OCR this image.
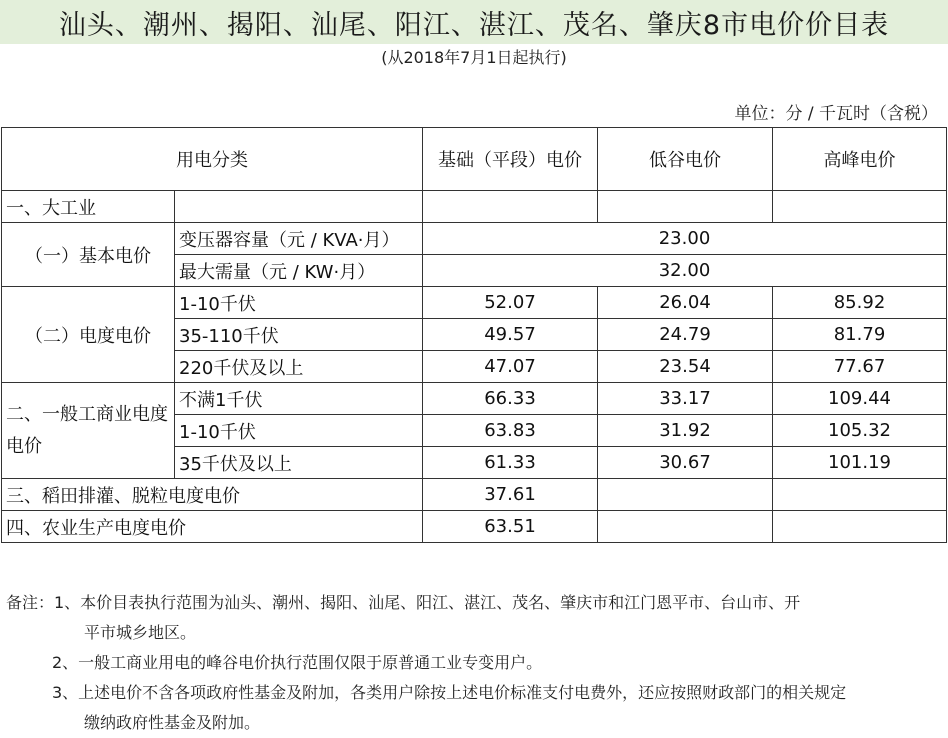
汕头、潮州、揭阳、汕尾、阳江、湛江、茂名、肇庆8市电价价目表
(从2018年7月1日起执行)
单位：分 / 千瓦时（含税）
用电分类		基础（平段）电价	低谷电价	高峰电价
一、大工业				
（一）基本电价	变压器容量（元 / KVA·月）	23.00		
	最大需量（元 / KW·月）	32.00		
（二）电度电价	1-10千伏	52.07	26.04	85.92
	35-110千伏	49.57	24.79	81.79
	220千伏及以上	47.07	23.54	77.67
二、一般工商业电度电价	不满1千伏	66.33	33.17	109.44
	1-10千伏	63.83	31.92	105.32
	35千伏及以上	61.33	30.67	101.19
三、稻田排灌、脱粒电度电价		37.61		
四、农业生产电度电价		63.51		
备注：1、本价目表执行范围为汕头、潮州、揭阳、汕尾、阳江、湛江、茂名、肇庆市和江门恩平市、台山市、开
平市城乡地区。
2、一般工商业用电的峰谷电价执行范围仅限于原普通工业专变用户。
3、上述电价不含各项政府性基金及附加，各类用户除按上述电价标准支付电费外，还应按照财政部门的相关规定
缴纳政府性基金及附加。
